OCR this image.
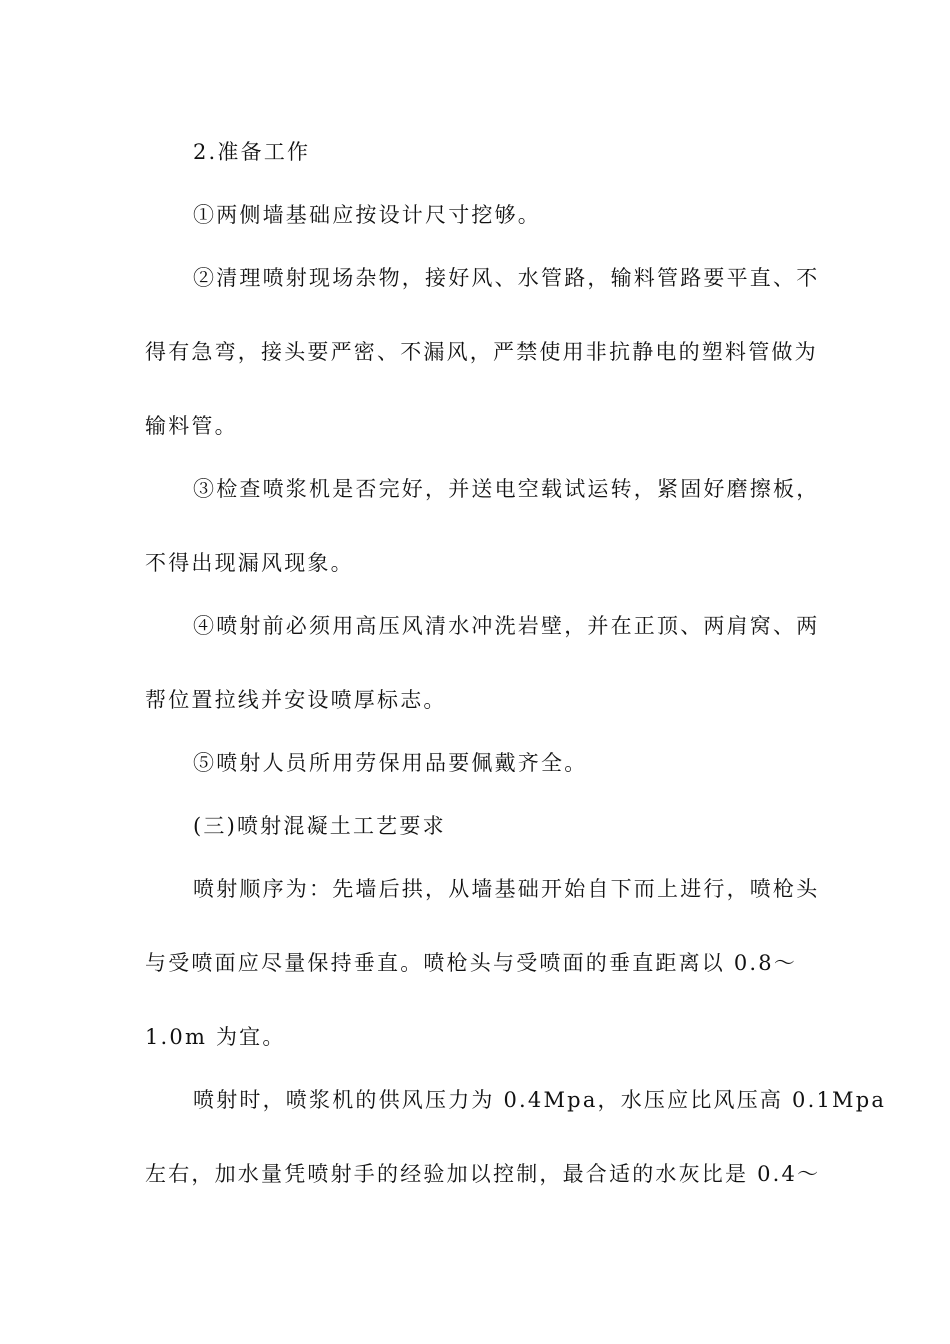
2.准备工作
①两侧墙基础应按设计尺寸挖够。
②清理喷射现场杂物，接好风、水管路，输料管路要平直、不
得有急弯，接头要严密、不漏风，严禁使用非抗静电的塑料管做为
输料管。
③检查喷浆机是否完好，并送电空载试运转，紧固好磨擦板，
不得出现漏风现象。
④喷射前必须用高压风清水冲洗岩壁，并在正顶、两肩窝、两
帮位置拉线并安设喷厚标志。
⑤喷射人员所用劳保用品要佩戴齐全。
(三)喷射混凝土工艺要求
喷射顺序为：先墙后拱，从墙基础开始自下而上进行，喷枪头
与受喷面应尽量保持垂直。喷枪头与受喷面的垂直距离以 0.8～
1.0m 为宜。
喷射时，喷浆机的供风压力为 0.4Mpa，水压应比风压高 0.1Mpa
左右，加水量凭喷射手的经验加以控制，最合适的水灰比是 0.4～
